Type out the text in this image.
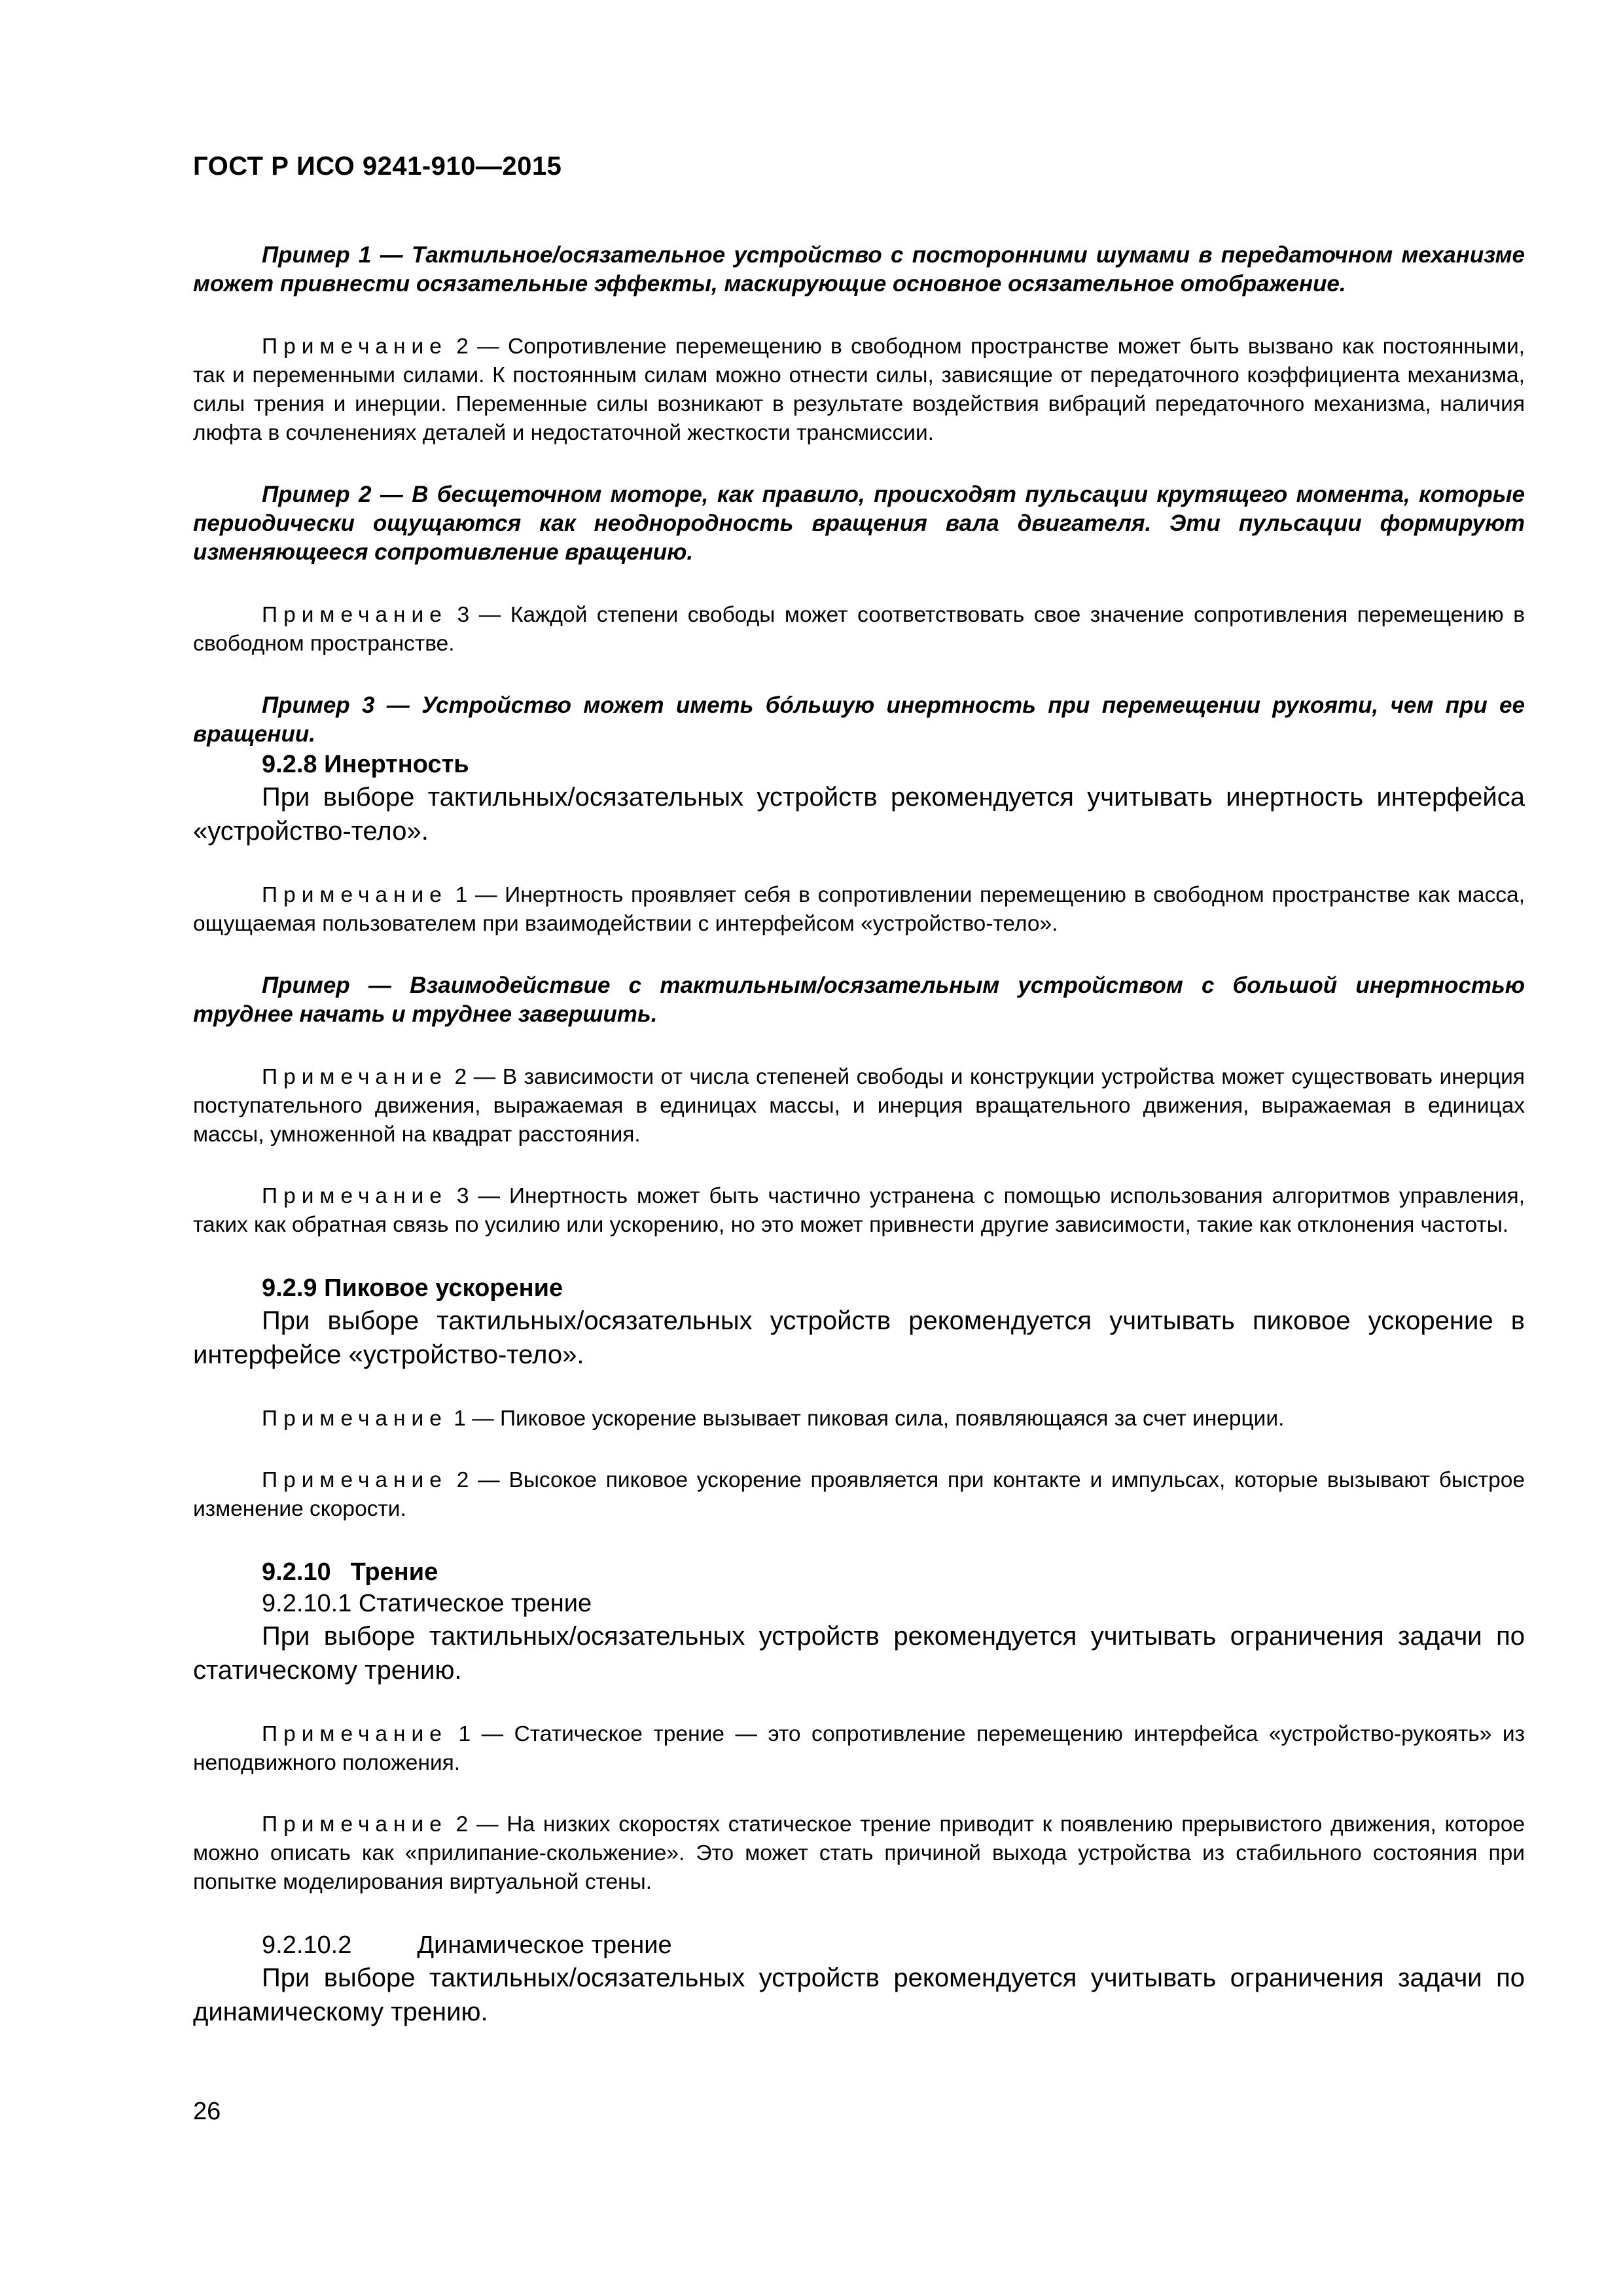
ГОСТ Р ИСО 9241-910—2015

Пример 1 — Тактильное/осязательное устройство с посторонними шумами в передаточном механизме может привнести осязательные эффекты, маскирующие основное осязательное отображение.

Примечание 2 — Сопротивление перемещению в свободном пространстве может быть вызвано как постоянными, так и переменными силами. К постоянным силам можно отнести силы, зависящие от передаточного коэффициента механизма, силы трения и инерции. Переменные силы возникают в результате воздействия вибраций передаточного механизма, наличия люфта в сочленениях деталей и недостаточной жесткости трансмиссии.

Пример 2 — В бесщеточном моторе, как правило, происходят пульсации крутящего момента, которые периодически ощущаются как неоднородность вращения вала двигателя. Эти пульсации формируют изменяющееся сопротивление вращению.

Примечание 3 — Каждой степени свободы может соответствовать свое значение сопротивления перемещению в свободном пространстве.

Пример 3 — Устройство может иметь бóльшую инертность при перемещении рукояти, чем при ее вращении.

9.2.8 Инертность

При выборе тактильных/осязательных устройств рекомендуется учитывать инертность интерфейса «устройство-тело».

Примечание 1 — Инертность проявляет себя в сопротивлении перемещению в свободном пространстве как масса, ощущаемая пользователем при взаимодействии с интерфейсом «устройство-тело».

Пример — Взаимодействие с тактильным/осязательным устройством с большой инертностью труднее начать и труднее завершить.

Примечание 2 — В зависимости от числа степеней свободы и конструкции устройства может существовать инерция поступательного движения, выражаемая в единицах массы, и инерция вращательного движения, выражаемая в единицах массы, умноженной на квадрат расстояния.

Примечание 3 — Инертность может быть частично устранена с помощью использования алгоритмов управления, таких как обратная связь по усилию или ускорению, но это может привнести другие зависимости, такие как отклонения частоты.

9.2.9 Пиковое ускорение

При выборе тактильных/осязательных устройств рекомендуется учитывать пиковое ускорение в интерфейсе «устройство-тело».

Примечание 1 — Пиковое ускорение вызывает пиковая сила, появляющаяся за счет инерции.

Примечание 2 — Высокое пиковое ускорение проявляется при контакте и импульсах, которые вызывают быстрое изменение скорости.

9.2.10 Трение

9.2.10.1 Статическое трение

При выборе тактильных/осязательных устройств рекомендуется учитывать ограничения задачи по статическому трению.

Примечание 1 — Статическое трение — это сопротивление перемещению интерфейса «устройство-рукоять» из неподвижного положения.

Примечание 2 — На низких скоростях статическое трение приводит к появлению прерывистого движения, которое можно описать как «прилипание-скольжение». Это может стать причиной выхода устройства из стабильного состояния при попытке моделирования виртуальной стены.

9.2.10.2	Динамическое трение

При выборе тактильных/осязательных устройств рекомендуется учитывать ограничения задачи по динамическому трению.

26
